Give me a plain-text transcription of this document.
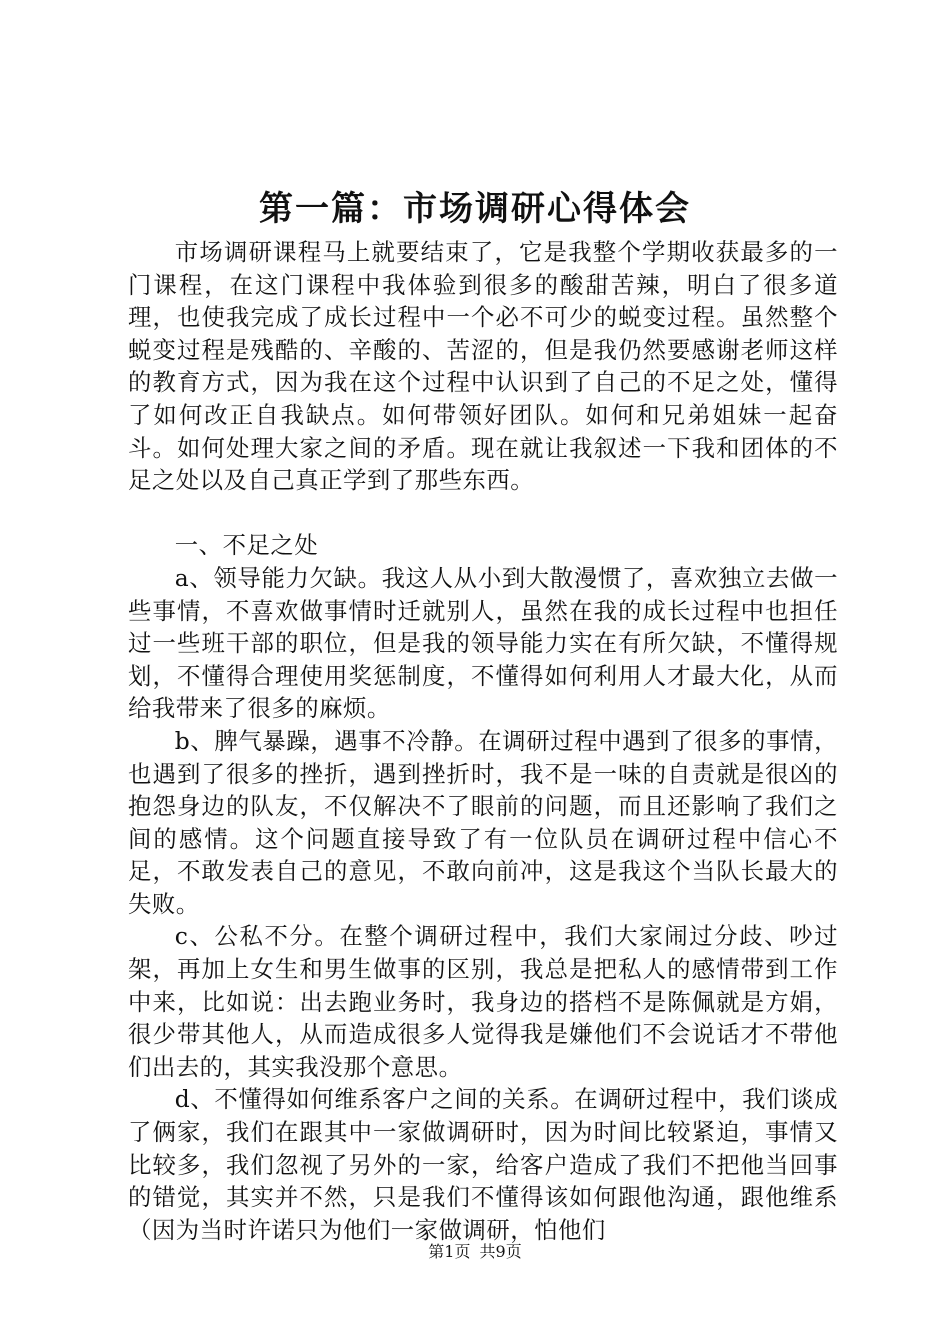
第一篇：市场调研心得体会

市场调研课程马上就要结束了，它是我整个学期收获最多的一门课程，在这门课程中我体验到很多的酸甜苦辣，明白了很多道理，也使我完成了成长过程中一个必不可少的蜕变过程。虽然整个蜕变过程是残酷的、辛酸的、苦涩的，但是我仍然要感谢老师这样的教育方式，因为我在这个过程中认识到了自己的不足之处，懂得了如何改正自我缺点。如何带领好团队。如何和兄弟姐妹一起奋斗。如何处理大家之间的矛盾。现在就让我叙述一下我和团体的不足之处以及自己真正学到了那些东西。

一、不足之处

a、领导能力欠缺。我这人从小到大散漫惯了，喜欢独立去做一些事情，不喜欢做事情时迁就别人，虽然在我的成长过程中也担任过一些班干部的职位，但是我的领导能力实在有所欠缺，不懂得规划，不懂得合理使用奖惩制度，不懂得如何利用人才最大化，从而给我带来了很多的麻烦。

b、脾气暴躁，遇事不冷静。在调研过程中遇到了很多的事情，也遇到了很多的挫折，遇到挫折时，我不是一味的自责就是很凶的抱怨身边的队友，不仅解决不了眼前的问题，而且还影响了我们之间的感情。这个问题直接导致了有一位队员在调研过程中信心不足，不敢发表自己的意见，不敢向前冲，这是我这个当队长最大的失败。

c、公私不分。在整个调研过程中，我们大家闹过分歧、吵过架，再加上女生和男生做事的区别，我总是把私人的感情带到工作中来，比如说：出去跑业务时，我身边的搭档不是陈佩就是方娟，很少带其他人，从而造成很多人觉得我是嫌他们不会说话才不带他们出去的，其实我没那个意思。

d、不懂得如何维系客户之间的关系。在调研过程中，我们谈成了俩家，我们在跟其中一家做调研时，因为时间比较紧迫，事情又比较多，我们忽视了另外的一家，给客户造成了我们不把他当回事的错觉，其实并不然，只是我们不懂得该如何跟他沟通，跟他维系（因为当时许诺只为他们一家做调研，怕他们

第1页 共9页
